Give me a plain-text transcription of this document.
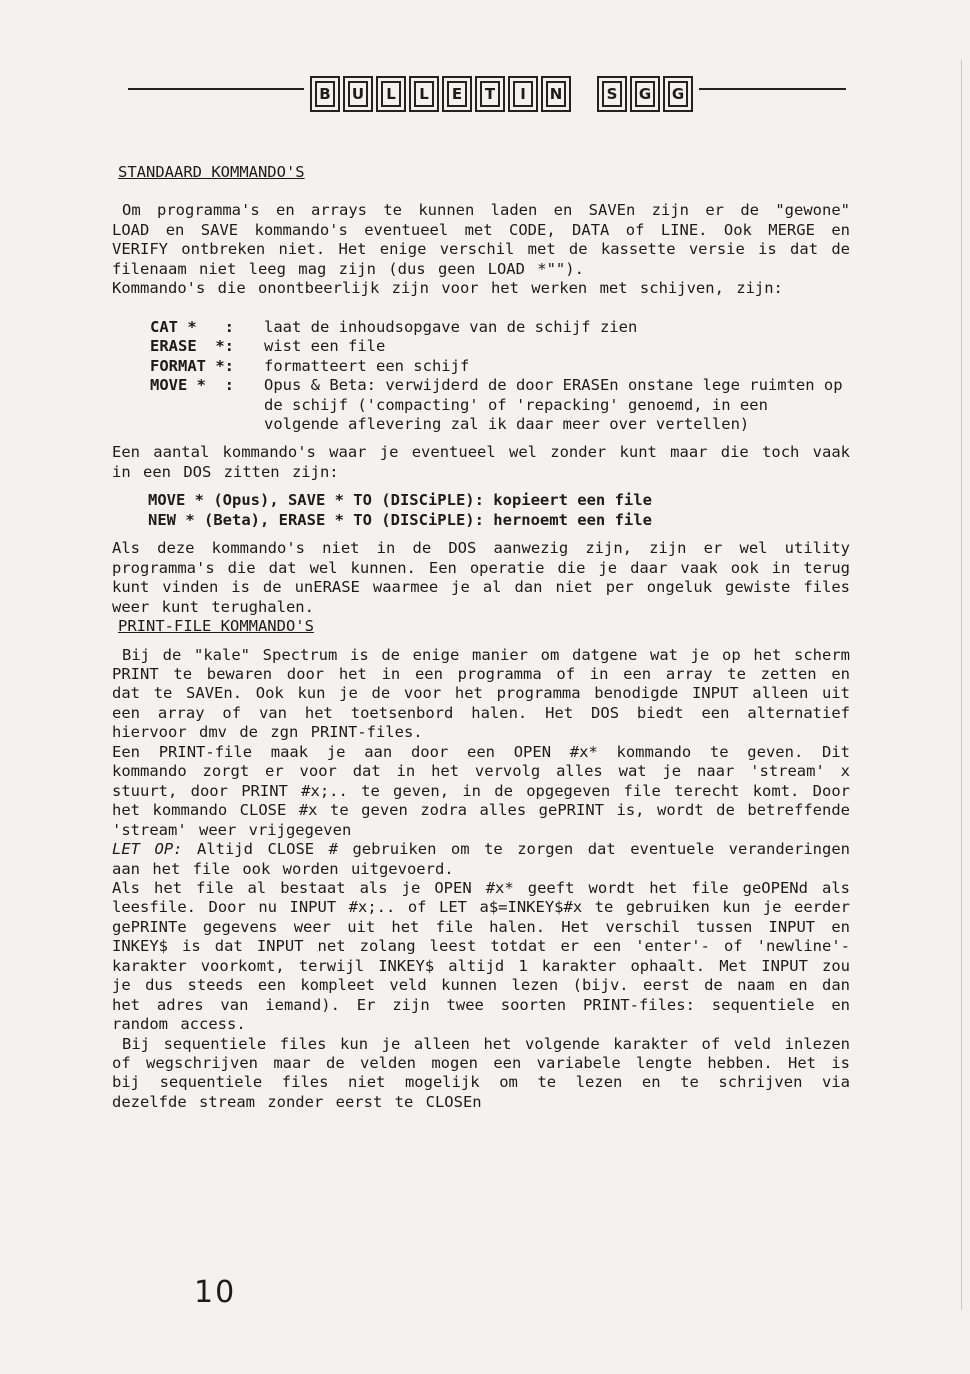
B U	L	L	E	T	I	N	S	G G

STANDAARD KOMMANDO'S

Om programma's en arrays te kunnen laden en SAVEn zijn er de "gewone" LOAD en SAVE kommando's eventueel met CODE, DATA of LINE. Ook MERGE en VERIFY ontbreken niet. Het enige verschil met de kassette versie is dat de filenaam niet leeg mag zijn (dus geen LOAD *"").

Kommando's die onontbeerlijk zijn voor het werken met schijven, zijn:

CAT *   :	laat de inhoudsopgave van de schijf zien
ERASE  *:	wist een file
FORMAT *:	formatteert een schijf
MOVE *  :	Opus & Beta: verwijderd de door ERASEn onstane lege ruimten op de schijf ('compacting' of 'repacking' genoemd, in een volgende aflevering zal ik daar meer over vertellen)

Een aantal kommando's waar je eventueel wel zonder kunt maar die toch vaak in een DOS zitten zijn:

MOVE * (Opus), SAVE * TO (DISCiPLE): kopieert een file
NEW * (Beta), ERASE * TO (DISCiPLE): hernoemt een file

Als deze kommando's niet in de DOS aanwezig zijn, zijn er wel utility programma's die dat wel kunnen. Een operatie die je daar vaak ook in terug kunt vinden is de unERASE waarmee je al dan niet per ongeluk gewiste files weer kunt terughalen.

PRINT-FILE KOMMANDO'S

Bij de "kale" Spectrum is de enige manier om datgene wat je op het scherm PRINT te bewaren door het in een programma of in een array te zetten en dat te SAVEn. Ook kun je de voor het programma benodigde INPUT alleen uit een array of van het toetsenbord halen. Het DOS biedt een alternatief hiervoor dmv de zgn PRINT-files.

Een PRINT-file maak je aan door een OPEN #x* kommando te geven. Dit kommando zorgt er voor dat in het vervolg alles wat je naar 'stream' x stuurt, door PRINT #x;.. te geven, in de opgegeven file terecht komt. Door het kommando CLOSE #x te geven zodra alles gePRINT is, wordt de betreffende 'stream' weer vrijgegeven

LET OP: Altijd CLOSE # gebruiken om te zorgen dat eventuele veranderingen aan het file ook worden uitgevoerd.

Als het file al bestaat als je OPEN #x* geeft wordt het file geOPENd als leesfile. Door nu INPUT #x;.. of LET a$=INKEY$#x te gebruiken kun je eerder gePRINTe gegevens weer uit het file halen. Het verschil tussen INPUT en INKEY$ is dat INPUT net zolang leest totdat er een 'enter'- of 'newline'-karakter voorkomt, terwijl INKEY$ altijd 1 karakter ophaalt. Met INPUT zou je dus steeds een kompleet veld kunnen lezen (bijv. eerst de naam en dan het adres van iemand). Er zijn twee soorten PRINT-files: sequentiele en random access.

Bij sequentiele files kun je alleen het volgende karakter of veld inlezen of wegschrijven maar de velden mogen een variabele lengte hebben. Het is bij sequentiele files niet mogelijk om te lezen en te schrijven via dezelfde stream zonder eerst te CLOSEn

10
